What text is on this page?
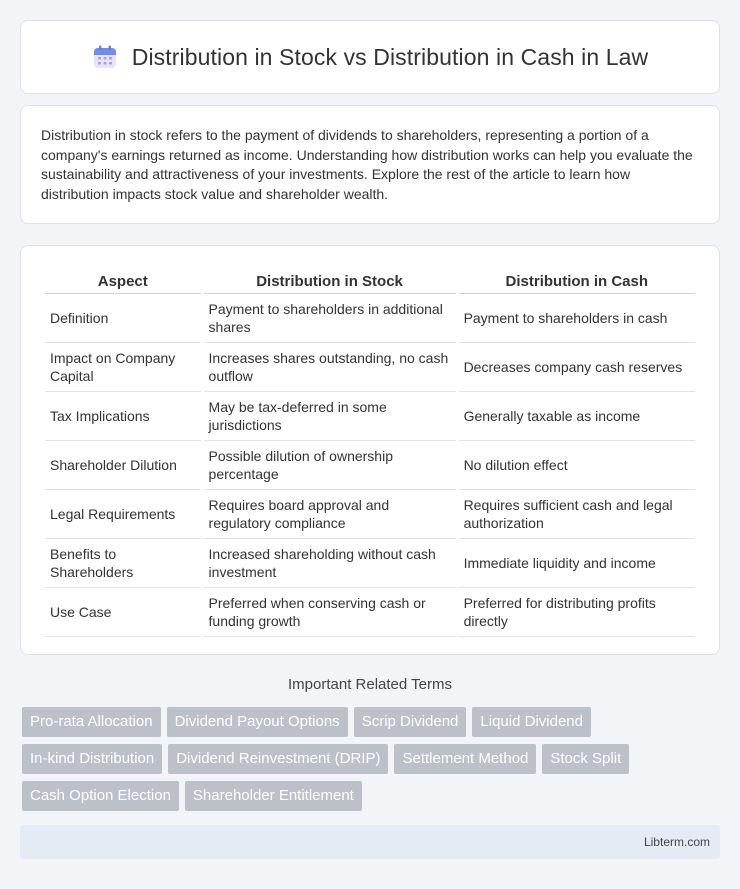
Distribution in Stock vs Distribution in Cash in Law

Distribution in stock refers to the payment of dividends to shareholders, representing a portion of a company's earnings returned as income. Understanding how distribution works can help you evaluate the sustainability and attractiveness of your investments. Explore the rest of the article to learn how distribution impacts stock value and shareholder wealth.

Aspect	Distribution in Stock	Distribution in Cash
Definition	Payment to shareholders in additional shares	Payment to shareholders in cash
Impact on Company Capital	Increases shares outstanding, no cash outflow	Decreases company cash reserves
Tax Implications	May be tax-deferred in some jurisdictions	Generally taxable as income
Shareholder Dilution	Possible dilution of ownership percentage	No dilution effect
Legal Requirements	Requires board approval and regulatory compliance	Requires sufficient cash and legal authorization
Benefits to Shareholders	Increased shareholding without cash investment	Immediate liquidity and income
Use Case	Preferred when conserving cash or funding growth	Preferred for distributing profits directly
Important Related Terms
Pro-rata Allocation	Dividend Payout Options	Scrip Dividend	Liquid Dividend
In-kind Distribution	Dividend Reinvestment (DRIP)	Settlement Method	Stock Split
Cash Option Election	Shareholder Entitlement
Libterm.com
